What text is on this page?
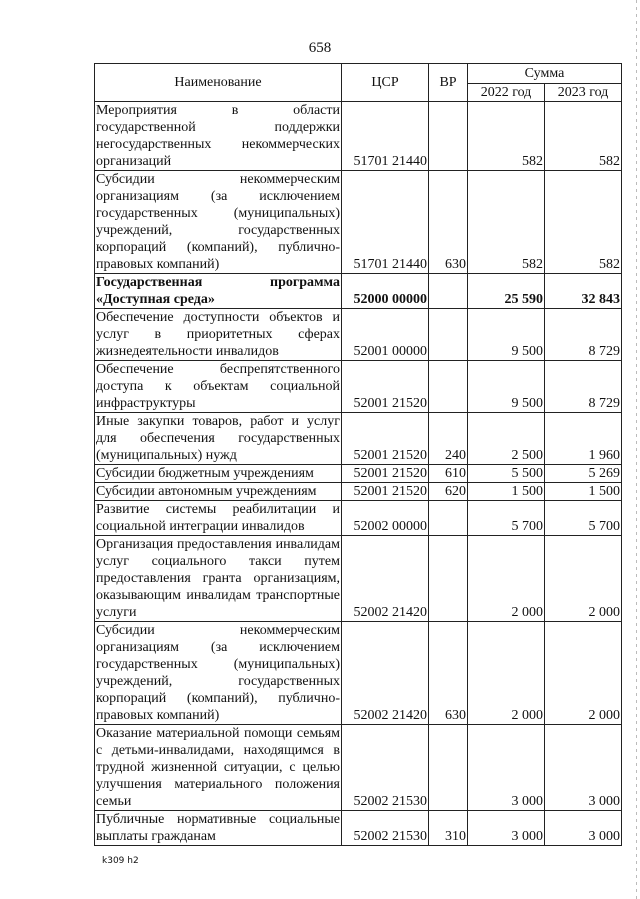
658
Наименование	ЦСР	ВР	Сумма	
			2022 год	2023 год
Мероприятия в области государственной поддержки негосударственных некоммерческих организаций	51701 21440		582	582
Субсидии некоммерческим организациям (за исключением государственных (муниципальных) учреждений, государственных корпораций (компаний), публично-правовых компаний)	51701 21440	630	582	582
Государственная программа «Доступная среда»	52000 00000		25 590	32 843
Обеспечение доступности объектов и услуг в приоритетных сферах жизнедеятельности инвалидов	52001 00000		9 500	8 729
Обеспечение беспрепятственного доступа к объектам социальной инфраструктуры	52001 21520		9 500	8 729
Иные закупки товаров, работ и услуг для обеспечения государственных (муниципальных) нужд	52001 21520	240	2 500	1 960
Субсидии бюджетным учреждениям	52001 21520	610	5 500	5 269
Субсидии автономным учреждениям	52001 21520	620	1 500	1 500
Развитие системы реабилитации и социальной интеграции инвалидов	52002 00000		5 700	5 700
Организация предоставления инвалидам услуг социального такси путем предоставления гранта организациям, оказывающим инвалидам транспортные услуги	52002 21420		2 000	2 000
Субсидии некоммерческим организациям (за исключением государственных (муниципальных) учреждений, государственных корпораций (компаний), публично-правовых компаний)	52002 21420	630	2 000	2 000
Оказание материальной помощи семьям с детьми-инвалидами, находящимся в трудной жизненной ситуации, с целью улучшения материального положения семьи	52002 21530		3 000	3 000
Публичные нормативные социальные выплаты гражданам	52002 21530	310	3 000	3 000
k309 h2
